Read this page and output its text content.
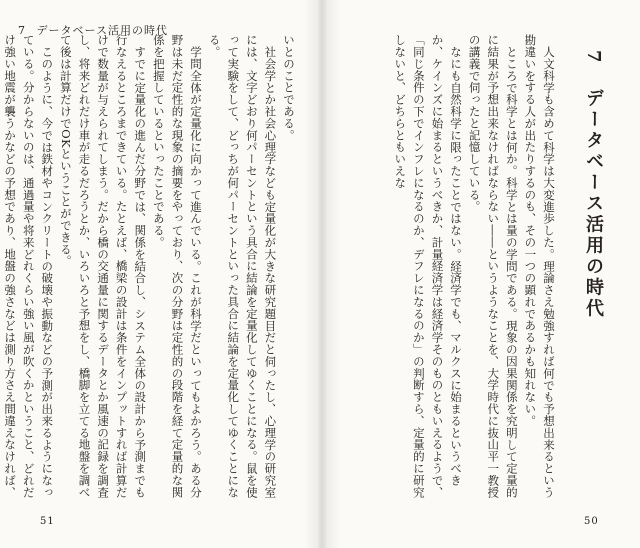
7 データベース活用の時代

いとのことである。

社会学とか社会心理学なども定量化が大きな研究題目だと伺ったし、心理学の研究室には、文字どおり何パーセントという具合に結論を定量化してゆくことになる。鼠を使って実験をして、どっちが何パーセントといった具合に結論を定量化してゆくことになる。

学問全体が定量化に向かって進んでいる。これが科学だといってもよかろう。ある分野は未だ定性的な現象の摘要をやっており、次の分野は定性的の段階を経て定量的な関係を把握しているといったことである。

すでに定量化の進んだ分野では、関係を結合し、システム全体の設計から予測までも行なえるところまできている。たとえば、橋梁の設計は条件をインプットすれば計算だけで数量が与えられてしまう。だから橋の交通量に関するデータとか風速の記録を調査し、将来どれだけ車が走るだろうとか、いろいろと予想をし、橋脚を立てる地盤を調べて後は計算だけでOKということができる。

このように、今では鉄材やコンクリートの破壊や振動などの予測が出来るようになっている。分からないのは、通過量や将来どれくらい強い風が吹くかということ、どれだけ強い地震が襲うかなどの予想であり、地盤の強さなどは測り方さえ間違えなければ、

7 データベース活用の時代

人文科学も含めて科学は大変進歩した。理論さえ勉強すれば何でも予想出来るという勘違いをする人が出たりするのも、その一つの顕れであるかも知れない。

ところで科学とは何か。科学とは量の学問である。現象の因果関係を究明して定量的に結果が予想出来なければならない――というようなことを、大学時代に抜山平一教授の講義で伺ったと記憶している。

なにも自然科学に限ったことではない。経済学でも、マルクスに始まるというべきか、ケインズに始まるというべきか、計量経済学は経済学そのものともいえるようで、「同じ条件の下でインフレになるのか、デフレになるのか」の判断すら、定量的に研究しないと、どちらともいえな

51	50
